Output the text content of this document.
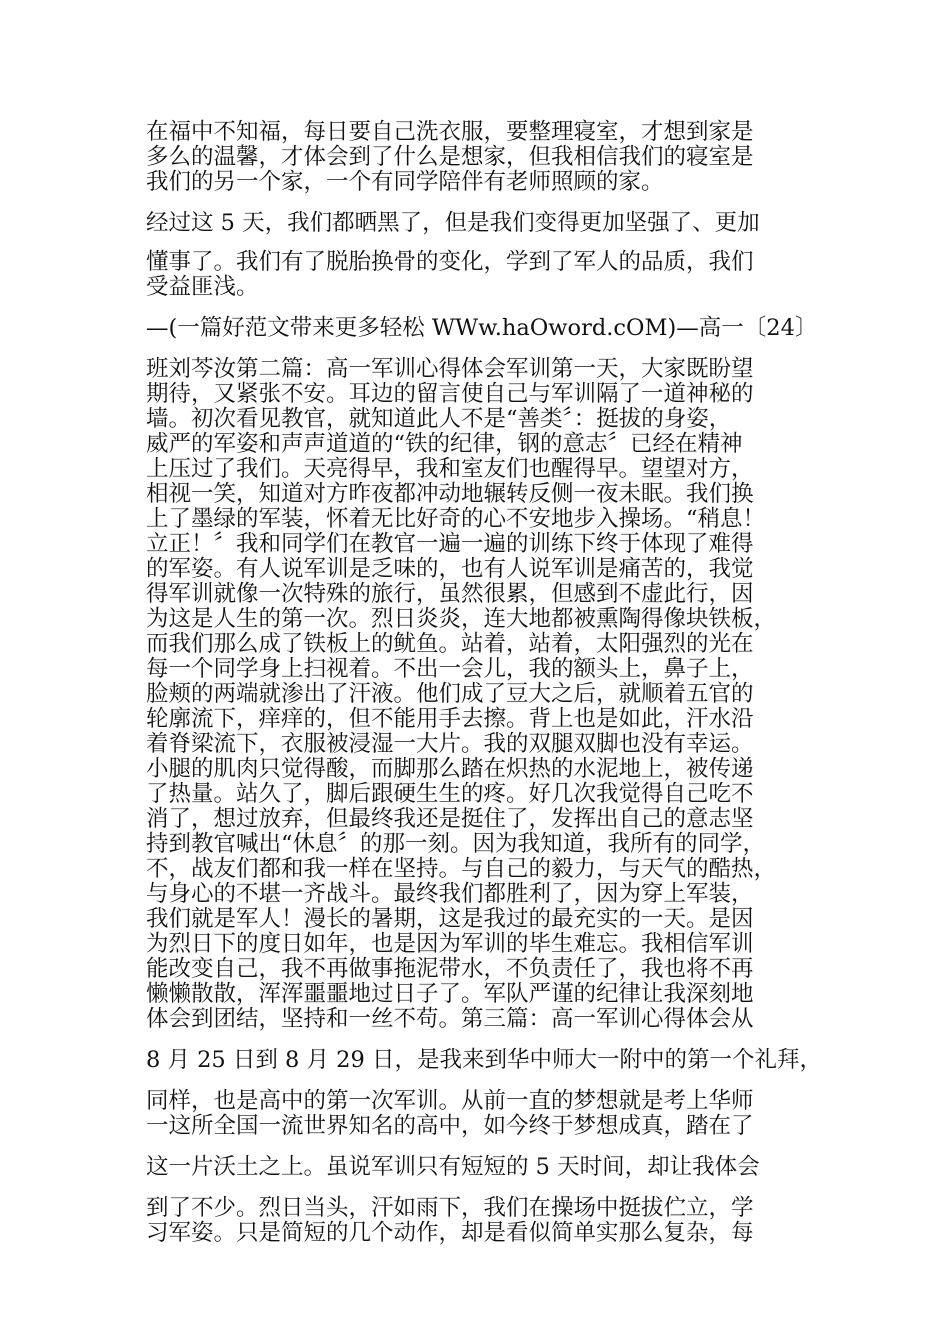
在福中不知福，每日要自己洗衣服，要整理寝室，才想到家是
多么的温馨，才体会到了什么是想家，但我相信我们的寝室是
我们的另一个家，一个有同学陪伴有老师照顾的家。
经过这 5 天，我们都晒黑了，但是我们变得更加坚强了、更加
懂事了。我们有了脱胎换骨的变化，学到了军人的品质，我们
受益匪浅。
—(一篇好范文带来更多轻松 WWw.haOword.cOM)—高一〔24〕
班刘芩汝第二篇：高一军训心得体会军训第一天，大家既盼望
期待，又紧张不安。耳边的留言使自己与军训隔了一道神秘的
墙。初次看见教官，就知道此人不是“善类〞：挺拔的身姿，
威严的军姿和声声道道的“铁的纪律，钢的意志〞已经在精神
上压过了我们。天亮得早，我和室友们也醒得早。望望对方，
相视一笑，知道对方昨夜都冲动地辗转反侧一夜未眠。我们换
上了墨绿的军装，怀着无比好奇的心不安地步入操场。“稍息！
立正！〞我和同学们在教官一遍一遍的训练下终于体现了难得
的军姿。有人说军训是乏味的，也有人说军训是痛苦的，我觉
得军训就像一次特殊的旅行，虽然很累，但感到不虚此行，因
为这是人生的第一次。烈日炎炎，连大地都被熏陶得像块铁板，
而我们那么成了铁板上的鱿鱼。站着，站着，太阳强烈的光在
每一个同学身上扫视着。不出一会儿，我的额头上，鼻子上，
脸颊的两端就渗出了汗液。他们成了豆大之后，就顺着五官的
轮廓流下，痒痒的，但不能用手去擦。背上也是如此，汗水沿
着脊梁流下，衣服被浸湿一大片。我的双腿双脚也没有幸运。
小腿的肌肉只觉得酸，而脚那么踏在炽热的水泥地上，被传递
了热量。站久了，脚后跟硬生生的疼。好几次我觉得自己吃不
消了，想过放弃，但最终我还是挺住了，发挥出自己的意志坚
持到教官喊出“休息〞的那一刻。因为我知道，我所有的同学，
不，战友们都和我一样在坚持。与自己的毅力，与天气的酷热，
与身心的不堪一齐战斗。最终我们都胜利了，因为穿上军装，
我们就是军人！漫长的暑期，这是我过的最充实的一天。是因
为烈日下的度日如年，也是因为军训的毕生难忘。我相信军训
能改变自己，我不再做事拖泥带水，不负责任了，我也将不再
懒懒散散，浑浑噩噩地过日子了。军队严谨的纪律让我深刻地
体会到团结，坚持和一丝不苟。第三篇：高一军训心得体会从
8 月 25 日到 8 月 29 日，是我来到华中师大一附中的第一个礼拜，
同样，也是高中的第一次军训。从前一直的梦想就是考上华师
一这所全国一流世界知名的高中，如今终于梦想成真，踏在了
这一片沃土之上。虽说军训只有短短的 5 天时间，却让我体会
到了不少。烈日当头，汗如雨下，我们在操场中挺拔伫立，学
习军姿。只是简短的几个动作，却是看似简单实那么复杂，每
